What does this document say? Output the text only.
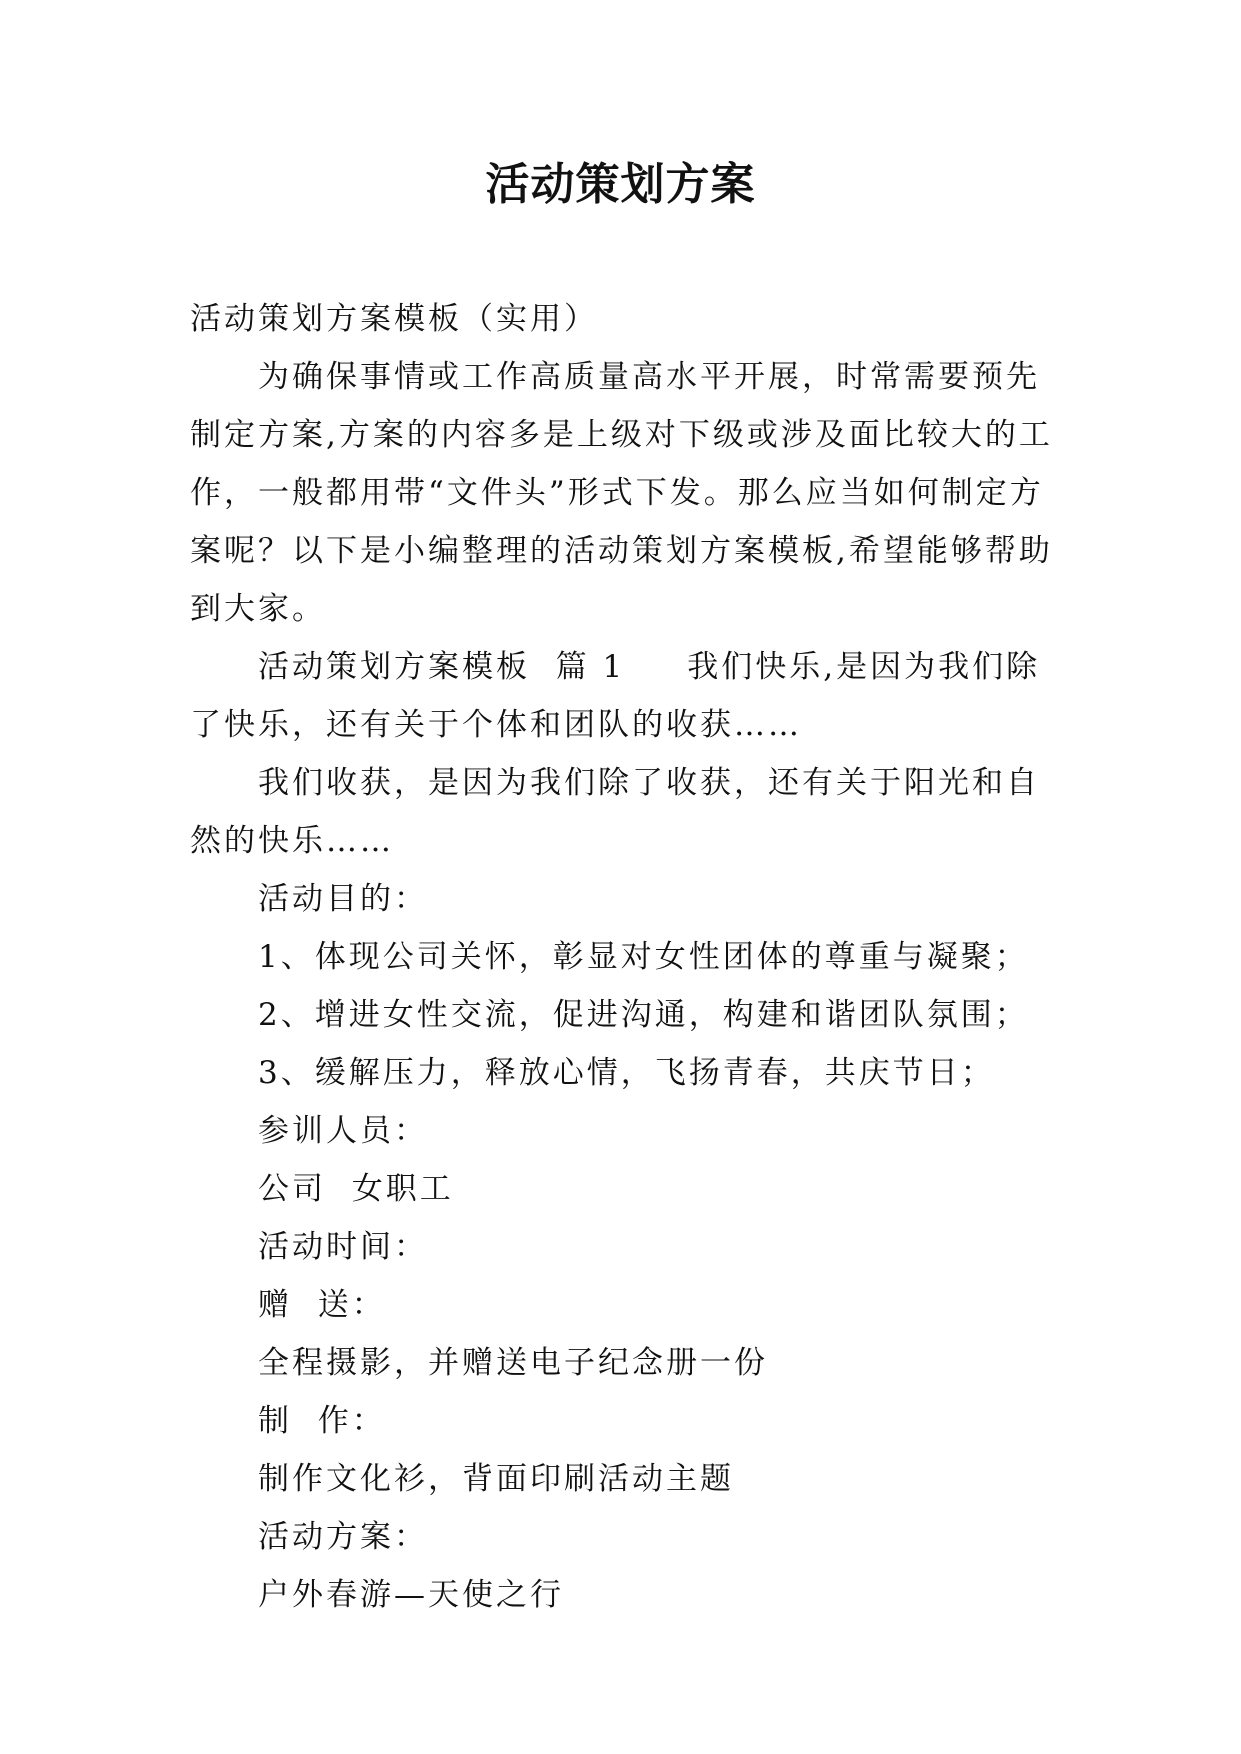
活动策划方案

活动策划方案模板（实用）

为确保事情或工作高质量高水平开展，时常需要预先制定方案,方案的内容多是上级对下级或涉及面比较大的工作，一般都用带“文件头”形式下发。那么应当如何制定方案呢？以下是小编整理的活动策划方案模板,希望能够帮助到大家。

活动策划方案模板  篇 1 我们快乐,是因为我们除了快乐，还有关于个体和团队的收获……

我们收获，是因为我们除了收获，还有关于阳光和自然的快乐……

活动目的：

1、体现公司关怀，彰显对女性团体的尊重与凝聚；

2、增进女性交流，促进沟通，构建和谐团队氛围；

3、缓解压力，释放心情，飞扬青春，共庆节日；

参训人员：

公司  女职工

活动时间：

赠  送：

全程摄影，并赠送电子纪念册一份

制  作：

制作文化衫，背面印刷活动主题

活动方案：

户外春游—天使之行
